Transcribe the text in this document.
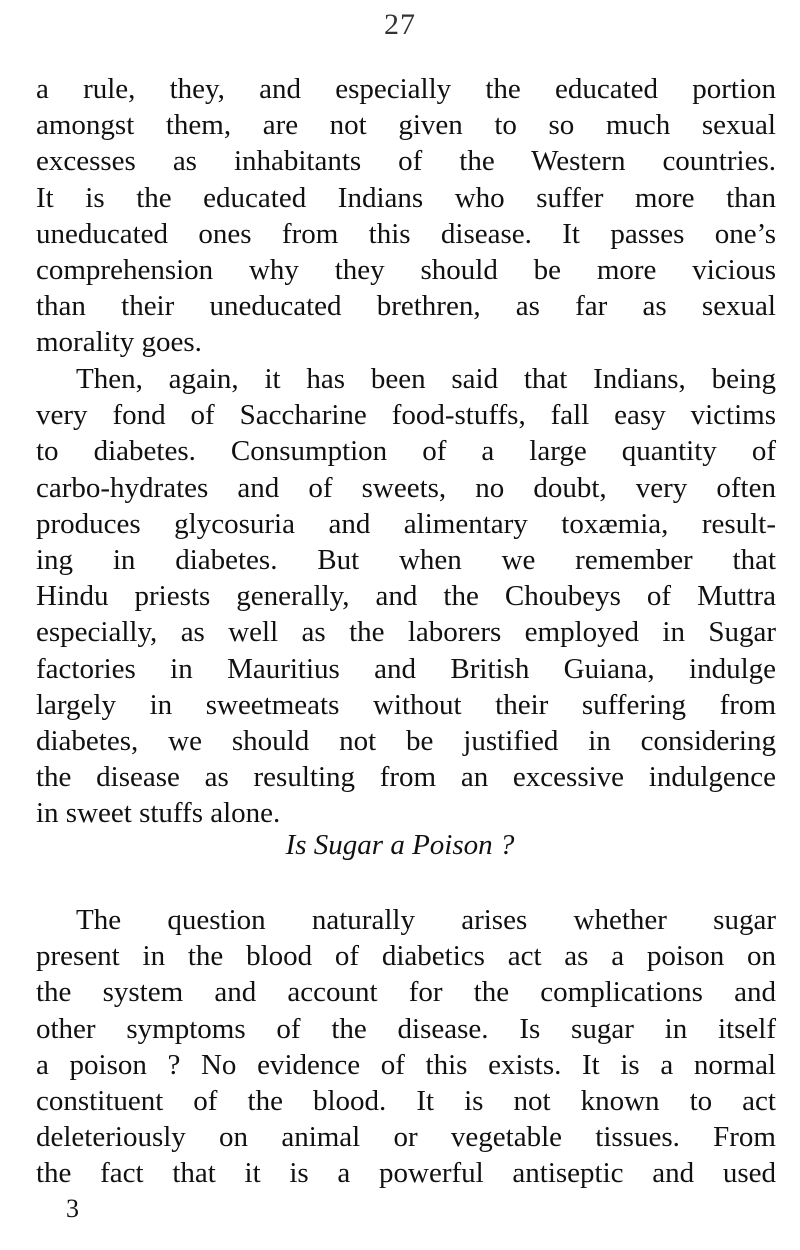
27
a rule, they, and especially the educated portion
amongst them, are not given to so much sexual
excesses as inhabitants of the Western countries.
It is the educated Indians who suffer more than
uneducated ones from this disease. It passes one’s
comprehension why they should be more vicious
than their uneducated brethren, as far as sexual
morality goes.
Then, again, it has been said that Indians, being
very fond of Saccharine food-stuffs, fall easy victims
to diabetes. Consumption of a large quantity of
carbo-hydrates and of sweets, no doubt, very often
produces glycosuria and alimentary toxæmia, result-
ing in diabetes. But when we remember that
Hindu priests generally, and the Choubeys of Muttra
especially, as well as the laborers employed in Sugar
factories in Mauritius and British Guiana, indulge
largely in sweetmeats without their suffering from
diabetes, we should not be justified in considering
the disease as resulting from an excessive indulgence
in sweet stuffs alone.
Is Sugar a Poison ?
The question naturally arises whether sugar
present in the blood of diabetics act as a poison on
the system and account for the complications and
other symptoms of the disease. Is sugar in itself
a poison ? No evidence of this exists. It is a normal
constituent of the blood. It is not known to act
deleteriously on animal or vegetable tissues. From
the fact that it is a powerful antiseptic and used
3
